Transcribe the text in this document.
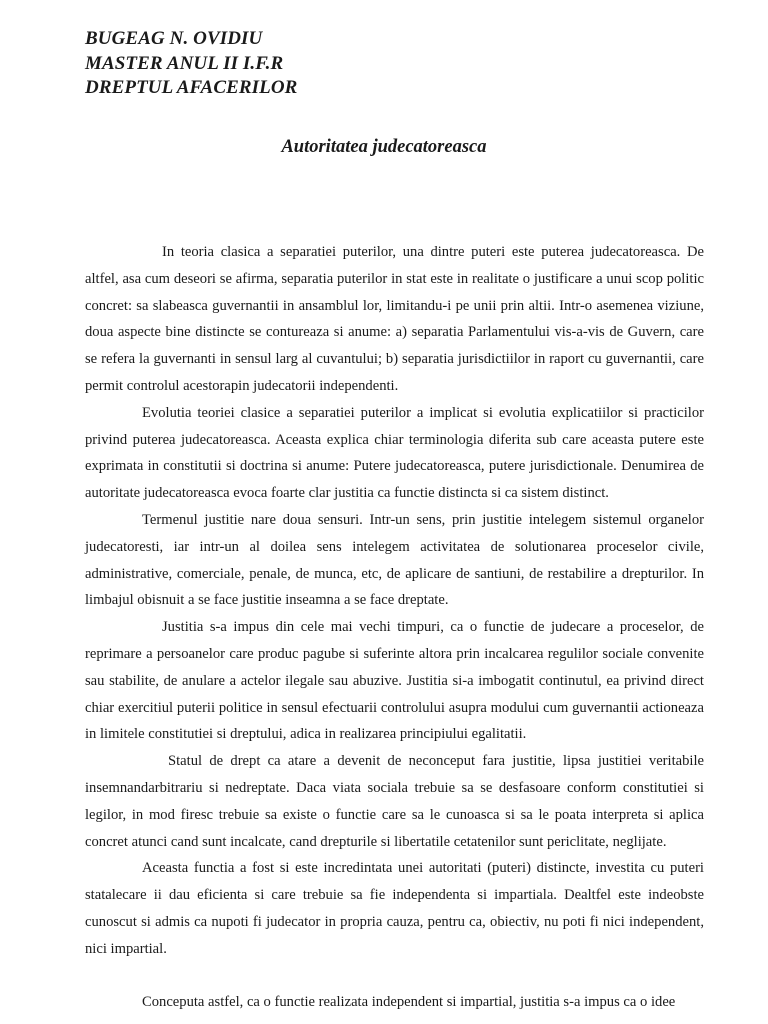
BUGEAG N. OVIDIU
MASTER ANUL II I.F.R
DREPTUL AFACERILOR
Autoritatea judecatoreasca

In teoria clasica a separatiei puterilor, una dintre puteri este puterea judecatoreasca. De altfel, asa cum deseori se afirma, separatia puterilor in stat este in realitate o justificare a unui scop politic concret: sa slabeasca guvernantii in ansamblul lor, limitandu-i pe unii prin altii. Intr-o asemenea viziune, doua aspecte bine distincte se contureaza si anume: a) separatia Parlamentului vis-a-vis de Guvern, care se refera la guvernanti in sensul larg al cuvantului; b) separatia jurisdictiilor in raport cu guvernantii, care permit controlul acestorapin judecatorii independenti.

Evolutia teoriei clasice a separatiei puterilor a implicat si evolutia explicatiilor si practicilor privind puterea judecatoreasca. Aceasta explica chiar terminologia diferita sub care aceasta putere este exprimata in constitutii si doctrina si anume: Putere judecatoreasca, putere jurisdictionale. Denumirea de autoritate judecatoreasca evoca foarte clar justitia ca functie distincta si ca sistem distinct.

Termenul justitie nare doua sensuri. Intr-un sens, prin justitie intelegem sistemul organelor judecatoresti, iar intr-un al doilea sens intelegem activitatea de solutionarea proceselor civile, administrative, comerciale, penale, de munca, etc, de aplicare de santiuni, de restabilire a drepturilor. In limbajul obisnuit a se face justitie inseamna a se face dreptate.

Justitia s-a impus din cele mai vechi timpuri, ca o functie de judecare a proceselor, de reprimare a persoanelor care produc pagube si suferinte altora prin incalcarea regulilor sociale convenite sau stabilite, de anulare a actelor ilegale sau abuzive. Justitia si-a imbogatit continutul, ea privind direct chiar exercitiul puterii politice in sensul efectuarii controlului asupra modului cum guvernantii actioneaza in limitele constitutiei si dreptului, adica in realizarea principiului egalitatii.

Statul de drept ca atare a devenit de neconceput fara justitie, lipsa justitiei veritabile insemnandarbitrariu si nedreptate. Daca viata sociala trebuie sa se desfasoare conform constitutiei si legilor, in mod firesc trebuie sa existe o functie care sa le cunoasca si sa le poata interpreta si aplica concret atunci cand sunt incalcate, cand drepturile si libertatile cetatenilor sunt periclitate, neglijate.

Aceasta functia a fost si este incredintata unei autoritati (puteri) distincte, investita cu puteri statalecare ii dau eficienta si care trebuie sa fie independenta si impartiala. Dealtfel este indeobste cunoscut si admis ca nupoti fi judecator in propria cauza, pentru ca, obiectiv, nu poti fi nici independent, nici impartial.

Conceputa astfel, ca o functie realizata independent si impartial, justitia s-a impus ca o idee
